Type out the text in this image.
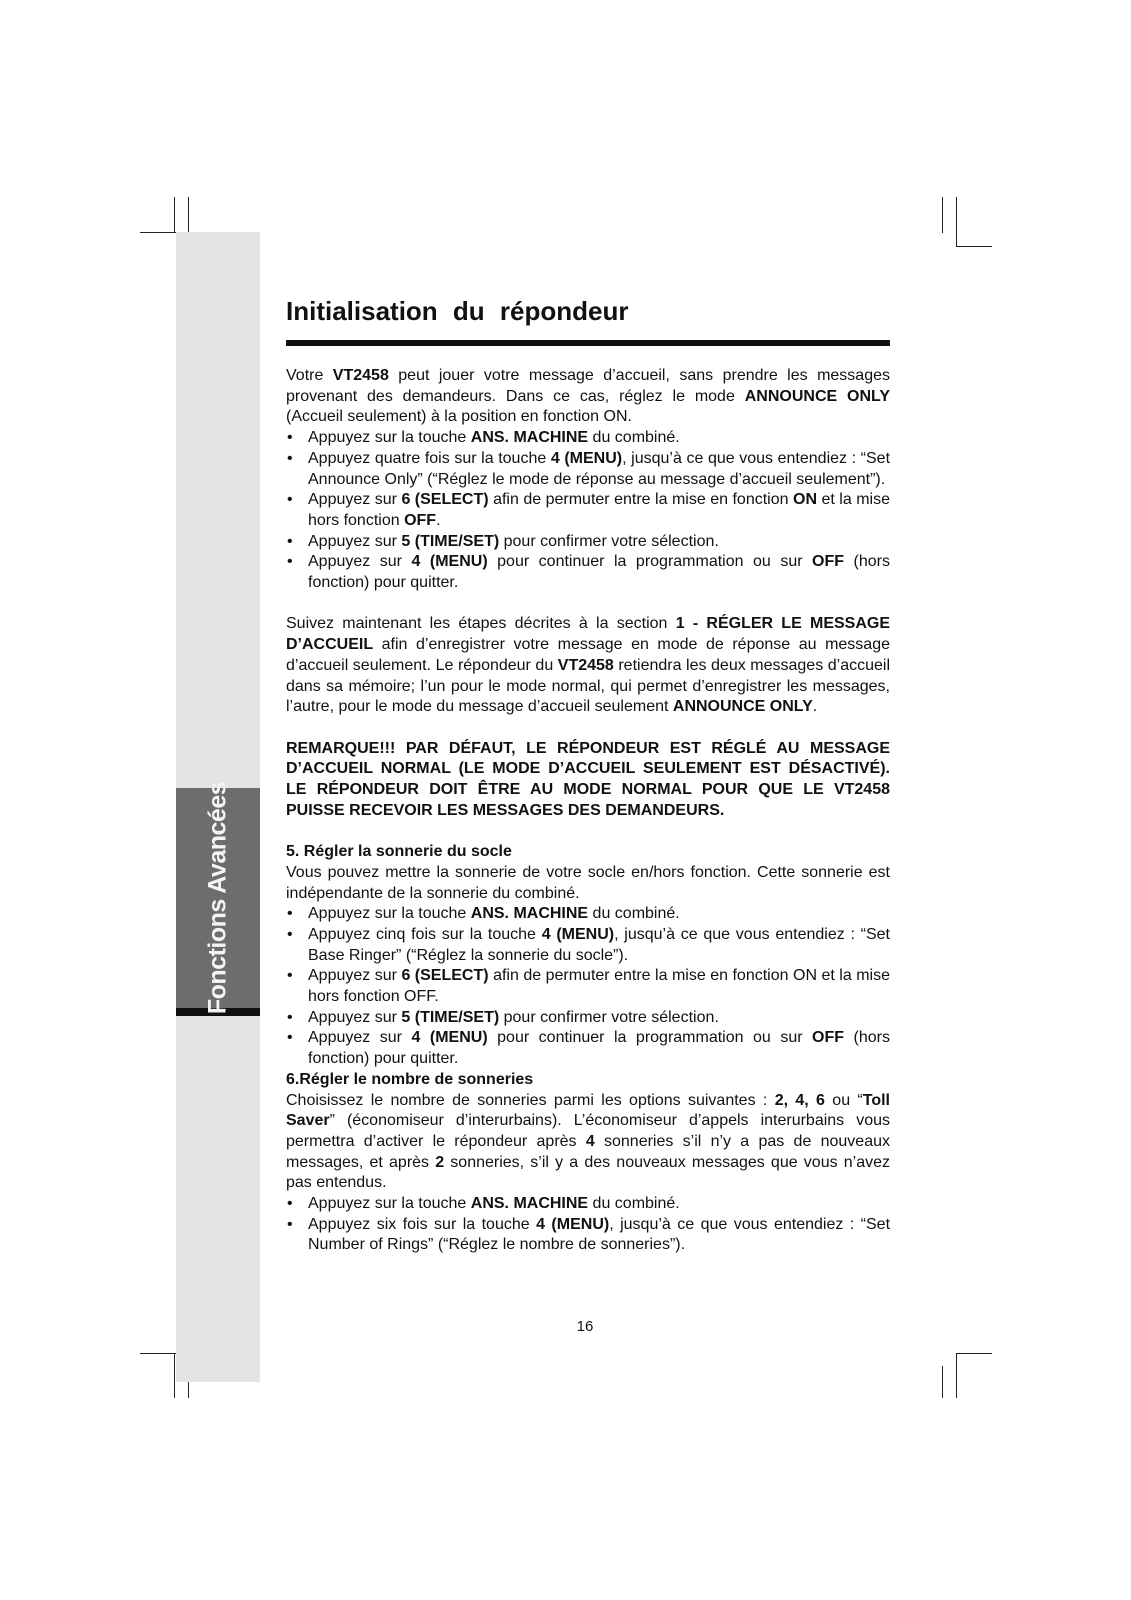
Fonctions Avancées
Initialisation du répondeur

Votre VT2458 peut jouer votre message d’accueil, sans prendre les messages provenant des demandeurs. Dans ce cas, réglez le mode ANNOUNCE ONLY (Accueil seulement) à la position en fonction ON.

• Appuyez sur la touche ANS. MACHINE du combiné.
• Appuyez quatre fois sur la touche 4 (MENU), jusqu’à ce que vous entendiez : “Set Announce Only” (“Réglez le mode de réponse au message d’accueil seulement”).
• Appuyez sur 6 (SELECT) afin de permuter entre la mise en fonction ON et la mise hors fonction OFF.
• Appuyez sur 5 (TIME/SET) pour confirmer votre sélection.
• Appuyez sur 4 (MENU) pour continuer la programmation ou sur OFF (hors fonction) pour quitter.

Suivez maintenant les étapes décrites à la section 1 - RÉGLER LE MESSAGE D’ACCUEIL afin d’enregistrer votre message en mode de réponse au message d’accueil seulement. Le répondeur du VT2458 retiendra les deux messages d’accueil dans sa mémoire; l’un pour le mode normal, qui permet d’enregistrer les messages, l’autre, pour le mode du message d’accueil seulement ANNOUNCE ONLY.

REMARQUE!!! PAR DÉFAUT, LE RÉPONDEUR EST RÉGLÉ AU MESSAGE D’ACCUEIL NORMAL (LE MODE D’ACCUEIL SEULEMENT EST DÉSACTIVÉ). LE RÉPONDEUR DOIT ÊTRE AU MODE NORMAL POUR QUE LE VT2458 PUISSE RECEVOIR LES MESSAGES DES DEMANDEURS.

5. Régler la sonnerie du socle

Vous pouvez mettre la sonnerie de votre socle en/hors fonction. Cette sonnerie est indépendante de la sonnerie du combiné.

• Appuyez sur la touche ANS. MACHINE du combiné.
• Appuyez cinq fois sur la touche 4 (MENU), jusqu’à ce que vous entendiez : “Set Base Ringer” (“Réglez la sonnerie du socle”).
• Appuyez sur 6 (SELECT) afin de permuter entre la mise en fonction ON et la mise hors fonction OFF.
• Appuyez sur 5 (TIME/SET) pour confirmer votre sélection.
• Appuyez sur 4 (MENU) pour continuer la programmation ou sur OFF (hors fonction) pour quitter.

6.Régler le nombre de sonneries

Choisissez le nombre de sonneries parmi les options suivantes : 2, 4, 6 ou “Toll Saver” (économiseur d’interurbains). L’économiseur d’appels interurbains vous permettra d’activer le répondeur après 4 sonneries s’il n’y a pas de nouveaux messages, et après 2 sonneries, s’il y a des nouveaux messages que vous n’avez pas entendus.

• Appuyez sur la touche ANS. MACHINE du combiné.
• Appuyez six fois sur la touche 4 (MENU), jusqu’à ce que vous entendiez : “Set Number of Rings” (“Réglez le nombre de sonneries”).
16
